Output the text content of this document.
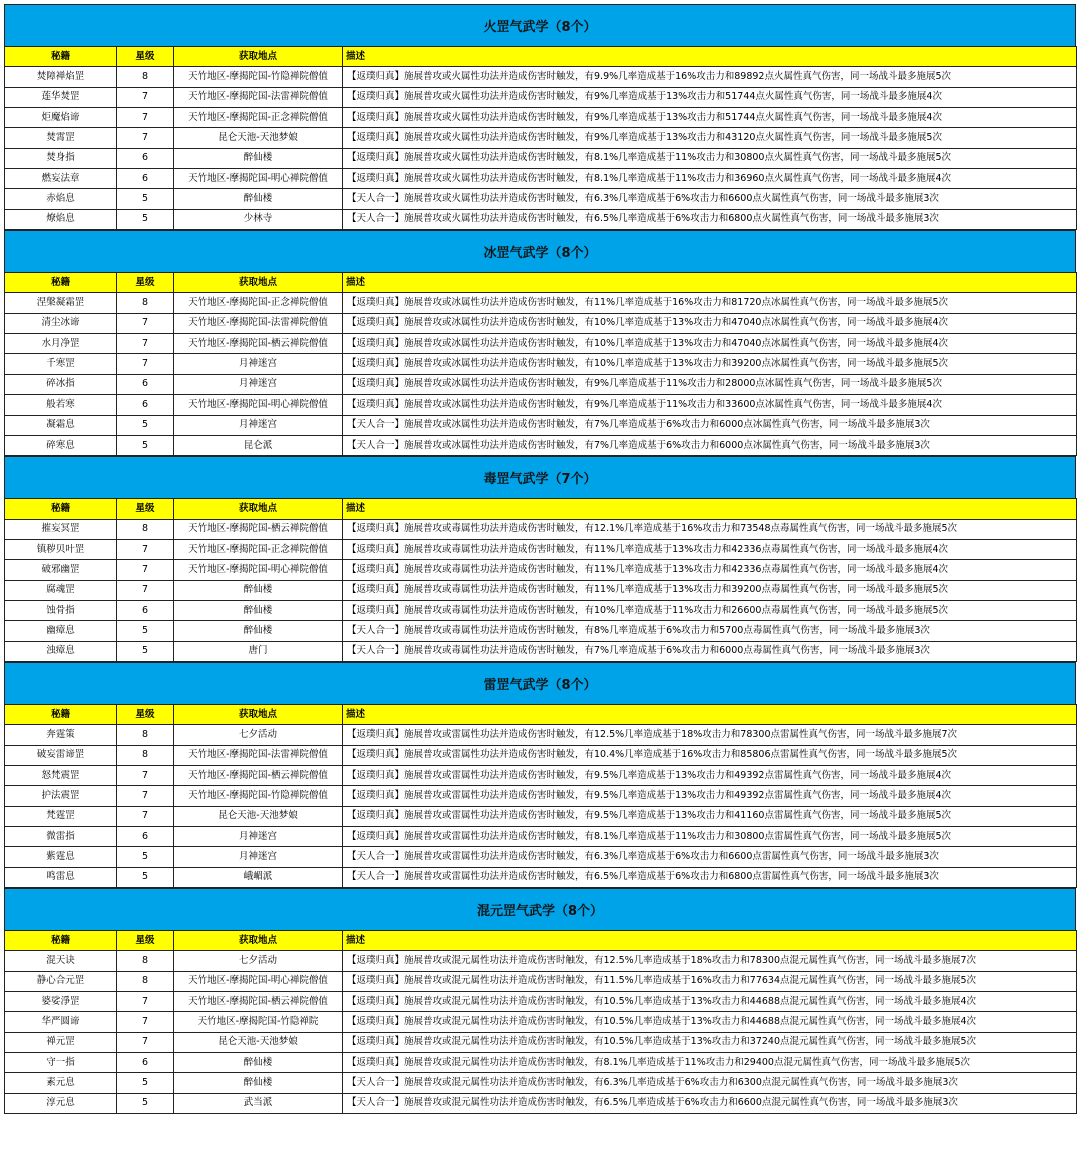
火罡气武学（8个）
秘籍	星级	获取地点	描述
焚障禅焰罡	8	天竹地区-摩揭陀国-竹隐禅院僧值	【返璞归真】施展普攻或火属性功法并造成伤害时触发，有9.9%几率造成基于16%攻击力和89892点火属性真气伤害，同一场战斗最多施展5次
莲华焚罡	7	天竹地区-摩揭陀国-法雷禅院僧值	【返璞归真】施展普攻或火属性功法并造成伤害时触发，有9%几率造成基于13%攻击力和51744点火属性真气伤害，同一场战斗最多施展4次
炬魔焰谛	7	天竹地区-摩揭陀国-正念禅院僧值	【返璞归真】施展普攻或火属性功法并造成伤害时触发，有9%几率造成基于13%攻击力和51744点火属性真气伤害，同一场战斗最多施展4次
焚霄罡	7	昆仑天池-天池梦娘	【返璞归真】施展普攻或火属性功法并造成伤害时触发，有9%几率造成基于13%攻击力和43120点火属性真气伤害，同一场战斗最多施展5次
焚身指	6	醉仙楼	【返璞归真】施展普攻或火属性功法并造成伤害时触发，有8.1%几率造成基于11%攻击力和30800点火属性真气伤害，同一场战斗最多施展5次
燃妄法章	6	天竹地区-摩揭陀国-明心禅院僧值	【返璞归真】施展普攻或火属性功法并造成伤害时触发，有8.1%几率造成基于11%攻击力和36960点火属性真气伤害，同一场战斗最多施展4次
赤焰息	5	醉仙楼	【天人合一】施展普攻或火属性功法并造成伤害时触发，有6.3%几率造成基于6%攻击力和6600点火属性真气伤害，同一场战斗最多施展3次
燎焰息	5	少林寺	【天人合一】施展普攻或火属性功法并造成伤害时触发，有6.5%几率造成基于6%攻击力和6800点火属性真气伤害，同一场战斗最多施展3次
冰罡气武学（8个）
秘籍	星级	获取地点	描述
涅槃凝霜罡	8	天竹地区-摩揭陀国-正念禅院僧值	【返璞归真】施展普攻或冰属性功法并造成伤害时触发，有11%几率造成基于16%攻击力和81720点冰属性真气伤害，同一场战斗最多施展5次
清尘冰谛	7	天竹地区-摩揭陀国-法雷禅院僧值	【返璞归真】施展普攻或冰属性功法并造成伤害时触发，有10%几率造成基于13%攻击力和47040点冰属性真气伤害，同一场战斗最多施展4次
水月净罡	7	天竹地区-摩揭陀国-栖云禅院僧值	【返璞归真】施展普攻或冰属性功法并造成伤害时触发，有10%几率造成基于13%攻击力和47040点冰属性真气伤害，同一场战斗最多施展4次
千寒罡	7	月神迷宫	【返璞归真】施展普攻或冰属性功法并造成伤害时触发，有10%几率造成基于13%攻击力和39200点冰属性真气伤害，同一场战斗最多施展5次
碎冰指	6	月神迷宫	【返璞归真】施展普攻或冰属性功法并造成伤害时触发，有9%几率造成基于11%攻击力和28000点冰属性真气伤害，同一场战斗最多施展5次
般若寒	6	天竹地区-摩揭陀国-明心禅院僧值	【返璞归真】施展普攻或冰属性功法并造成伤害时触发，有9%几率造成基于11%攻击力和33600点冰属性真气伤害，同一场战斗最多施展4次
凝霜息	5	月神迷宫	【天人合一】施展普攻或冰属性功法并造成伤害时触发，有7%几率造成基于6%攻击力和6000点冰属性真气伤害，同一场战斗最多施展3次
碎寒息	5	昆仑派	【天人合一】施展普攻或冰属性功法并造成伤害时触发，有7%几率造成基于6%攻击力和6000点冰属性真气伤害，同一场战斗最多施展3次
毒罡气武学（7个）
秘籍	星级	获取地点	描述
摧妄冥罡	8	天竹地区-摩揭陀国-栖云禅院僧值	【返璞归真】施展普攻或毒属性功法并造成伤害时触发，有12.1%几率造成基于16%攻击力和73548点毒属性真气伤害，同一场战斗最多施展5次
镇秽贝叶罡	7	天竹地区-摩揭陀国-正念禅院僧值	【返璞归真】施展普攻或毒属性功法并造成伤害时触发，有11%几率造成基于13%攻击力和42336点毒属性真气伤害，同一场战斗最多施展4次
破邪幽罡	7	天竹地区-摩揭陀国-明心禅院僧值	【返璞归真】施展普攻或毒属性功法并造成伤害时触发，有11%几率造成基于13%攻击力和42336点毒属性真气伤害，同一场战斗最多施展4次
腐魂罡	7	醉仙楼	【返璞归真】施展普攻或毒属性功法并造成伤害时触发，有11%几率造成基于13%攻击力和39200点毒属性真气伤害，同一场战斗最多施展5次
蚀骨指	6	醉仙楼	【返璞归真】施展普攻或毒属性功法并造成伤害时触发，有10%几率造成基于11%攻击力和26600点毒属性真气伤害，同一场战斗最多施展5次
幽瘴息	5	醉仙楼	【天人合一】施展普攻或毒属性功法并造成伤害时触发，有8%几率造成基于6%攻击力和5700点毒属性真气伤害，同一场战斗最多施展3次
浊瘴息	5	唐门	【天人合一】施展普攻或毒属性功法并造成伤害时触发，有7%几率造成基于6%攻击力和6000点毒属性真气伤害，同一场战斗最多施展3次
雷罡气武学（8个）
秘籍	星级	获取地点	描述
奔霆策	8	七夕活动	【返璞归真】施展普攻或雷属性功法并造成伤害时触发，有12.5%几率造成基于18%攻击力和78300点雷属性真气伤害，同一场战斗最多施展7次
破妄雷谛罡	8	天竹地区-摩揭陀国-法雷禅院僧值	【返璞归真】施展普攻或雷属性功法并造成伤害时触发，有10.4%几率造成基于16%攻击力和85806点雷属性真气伤害，同一场战斗最多施展5次
怒梵震罡	7	天竹地区-摩揭陀国-栖云禅院僧值	【返璞归真】施展普攻或雷属性功法并造成伤害时触发，有9.5%几率造成基于13%攻击力和49392点雷属性真气伤害，同一场战斗最多施展4次
护法震罡	7	天竹地区-摩揭陀国-竹隐禅院僧值	【返璞归真】施展普攻或雷属性功法并造成伤害时触发，有9.5%几率造成基于13%攻击力和49392点雷属性真气伤害，同一场战斗最多施展4次
梵霆罡	7	昆仑天池-天池梦娘	【返璞归真】施展普攻或雷属性功法并造成伤害时触发，有9.5%几率造成基于13%攻击力和41160点雷属性真气伤害，同一场战斗最多施展5次
微雷指	6	月神迷宫	【返璞归真】施展普攻或雷属性功法并造成伤害时触发，有8.1%几率造成基于11%攻击力和30800点雷属性真气伤害，同一场战斗最多施展5次
紫霆息	5	月神迷宫	【天人合一】施展普攻或雷属性功法并造成伤害时触发，有6.3%几率造成基于6%攻击力和6600点雷属性真气伤害，同一场战斗最多施展3次
鸣雷息	5	峨嵋派	【天人合一】施展普攻或雷属性功法并造成伤害时触发，有6.5%几率造成基于6%攻击力和6800点雷属性真气伤害，同一场战斗最多施展3次
混元罡气武学（8个）
秘籍	星级	获取地点	描述
混天诀	8	七夕活动	【返璞归真】施展普攻或混元属性功法并造成伤害时触发，有12.5%几率造成基于18%攻击力和78300点混元属性真气伤害，同一场战斗最多施展7次
静心合元罡	8	天竹地区-摩揭陀国-明心禅院僧值	【返璞归真】施展普攻或混元属性功法并造成伤害时触发，有11.5%几率造成基于16%攻击力和77634点混元属性真气伤害，同一场战斗最多施展5次
婆娑淨罡	7	天竹地区-摩揭陀国-栖云禅院僧值	【返璞归真】施展普攻或混元属性功法并造成伤害时触发，有10.5%几率造成基于13%攻击力和44688点混元属性真气伤害，同一场战斗最多施展4次
华严圆谛	7	天竹地区-摩揭陀国-竹隐禅院	【返璞归真】施展普攻或混元属性功法并造成伤害时触发，有10.5%几率造成基于13%攻击力和44688点混元属性真气伤害，同一场战斗最多施展4次
禅元罡	7	昆仑天池-天池梦娘	【返璞归真】施展普攻或混元属性功法并造成伤害时触发，有10.5%几率造成基于13%攻击力和37240点混元属性真气伤害，同一场战斗最多施展5次
守一指	6	醉仙楼	【返璞归真】施展普攻或混元属性功法并造成伤害时触发，有8.1%几率造成基于11%攻击力和29400点混元属性真气伤害，同一场战斗最多施展5次
素元息	5	醉仙楼	【天人合一】施展普攻或混元属性功法并造成伤害时触发，有6.3%几率造成基于6%攻击力和6300点混元属性真气伤害，同一场战斗最多施展3次
淳元息	5	武当派	【天人合一】施展普攻或混元属性功法并造成伤害时触发，有6.5%几率造成基于6%攻击力和6600点混元属性真气伤害，同一场战斗最多施展3次
